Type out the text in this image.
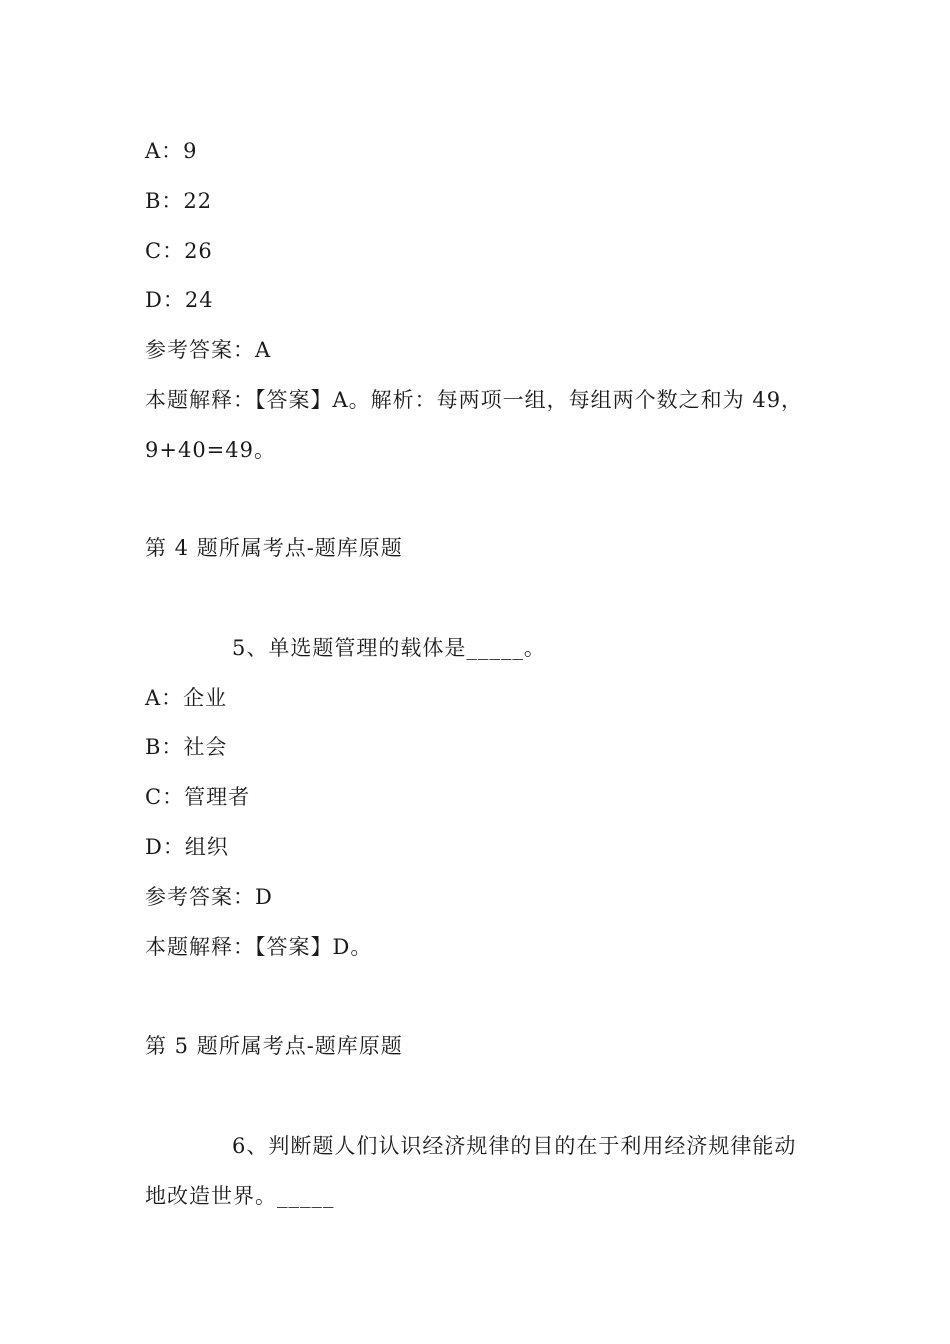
A：9
B：22
C：26
D：24
参考答案：A
本题解释：【答案】A。解析：每两项一组，每组两个数之和为 49，
9+40=49。
第 4 题所属考点-题库原题
5、单选题管理的载体是_____。
A：企业
B：社会
C：管理者
D：组织
参考答案：D
本题解释：【答案】D。
第 5 题所属考点-题库原题
6、判断题人们认识经济规律的目的在于利用经济规律能动
地改造世界。_____
